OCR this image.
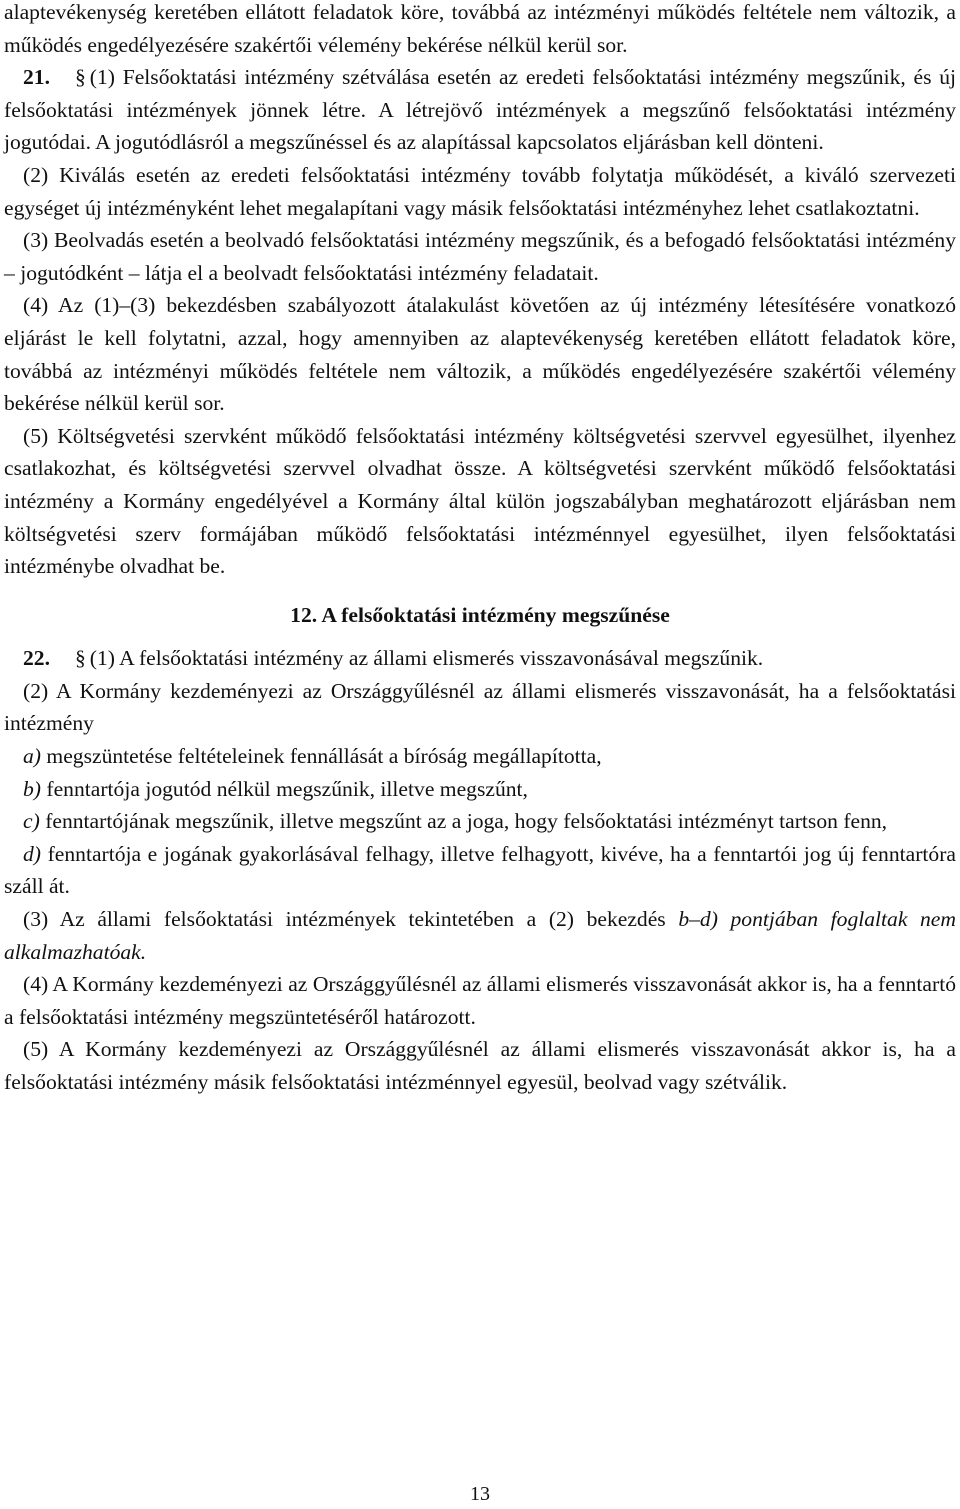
alaptevékenység keretében ellátott feladatok köre, továbbá az intézményi működés feltétele nem változik, a működés engedélyezésére szakértői vélemény bekérése nélkül kerül sor.

21. § (1) Felsőoktatási intézmény szétválása esetén az eredeti felsőoktatási intézmény megszűnik, és új felsőoktatási intézmények jönnek létre. A létrejövő intézmények a megszűnő felsőoktatási intézmény jogutódai. A jogutódlásról a megszűnéssel és az alapítással kapcsolatos eljárásban kell dönteni.

(2) Kiválás esetén az eredeti felsőoktatási intézmény tovább folytatja működését, a kiváló szervezeti egységet új intézményként lehet megalapítani vagy másik felsőoktatási intézményhez lehet csatlakoztatni.

(3) Beolvadás esetén a beolvadó felsőoktatási intézmény megszűnik, és a befogadó felsőoktatási intézmény – jogutódként – látja el a beolvadt felsőoktatási intézmény feladatait.

(4) Az (1)–(3) bekezdésben szabályozott átalakulást követően az új intézmény létesítésére vonatkozó eljárást le kell folytatni, azzal, hogy amennyiben az alaptevékenység keretében ellátott feladatok köre, továbbá az intézményi működés feltétele nem változik, a működés engedélyezésére szakértői vélemény bekérése nélkül kerül sor.

(5) Költségvetési szervként működő felsőoktatási intézmény költségvetési szervvel egyesülhet, ilyenhez csatlakozhat, és költségvetési szervvel olvadhat össze. A költségvetési szervként működő felsőoktatási intézmény a Kormány engedélyével a Kormány által külön jogszabályban meghatározott eljárásban nem költségvetési szerv formájában működő felsőoktatási intézménnyel egyesülhet, ilyen felsőoktatási intézménybe olvadhat be.

12. A felsőoktatási intézmény megszűnése

22. § (1) A felsőoktatási intézmény az állami elismerés visszavonásával megszűnik.

(2) A Kormány kezdeményezi az Országgyűlésnél az állami elismerés visszavonását, ha a felsőoktatási intézmény

a) megszüntetése feltételeinek fennállását a bíróság megállapította,

b) fenntartója jogutód nélkül megszűnik, illetve megszűnt,

c) fenntartójának megszűnik, illetve megszűnt az a joga, hogy felsőoktatási intézményt tartson fenn,

d) fenntartója e jogának gyakorlásával felhagy, illetve felhagyott, kivéve, ha a fenntartói jog új fenntartóra száll át.

(3) Az állami felsőoktatási intézmények tekintetében a (2) bekezdés b–d) pontjában foglaltak nem alkalmazhatóak.

(4) A Kormány kezdeményezi az Országgyűlésnél az állami elismerés visszavonását akkor is, ha a fenntartó a felsőoktatási intézmény megszüntetéséről határozott.

(5) A Kormány kezdeményezi az Országgyűlésnél az állami elismerés visszavonását akkor is, ha a felsőoktatási intézmény másik felsőoktatási intézménnyel egyesül, beolvad vagy szétválik.

13
